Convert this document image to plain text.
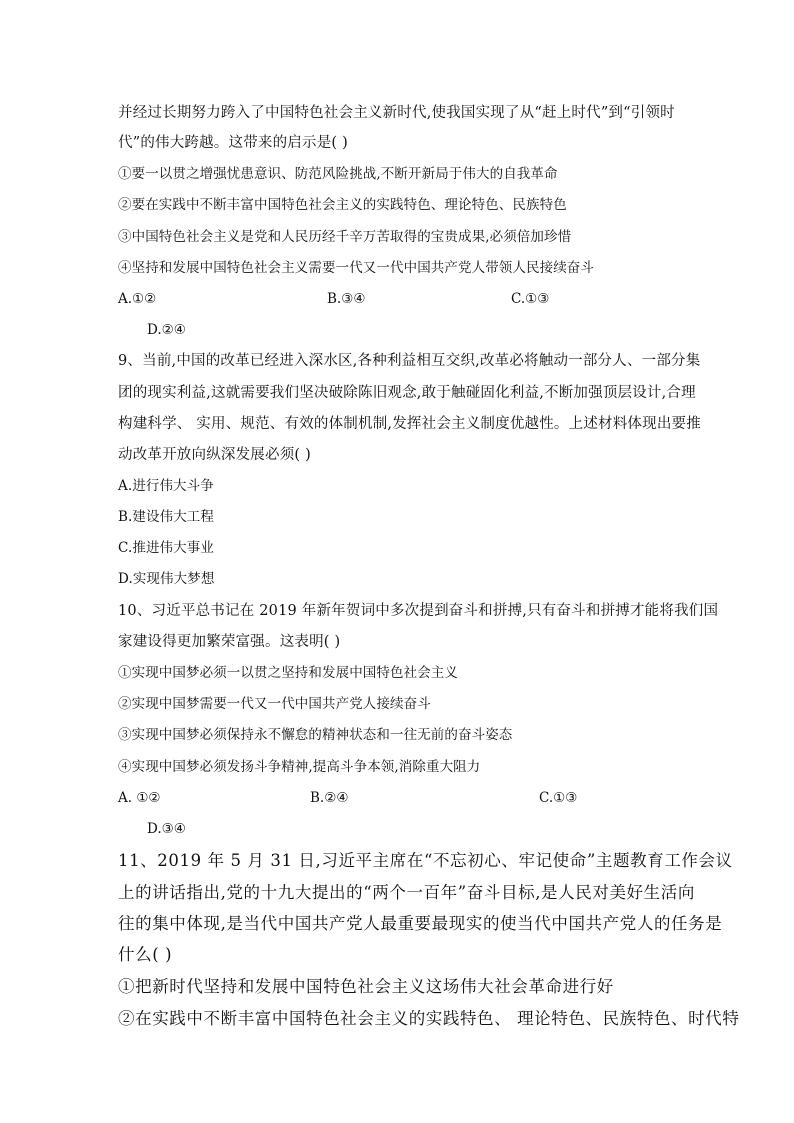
并经过长期努力跨入了中国特色社会主义新时代,使我国实现了从“赶上时代”到“引领时
代”的伟大跨越。这带来的启示是( )
①要一以贯之增强忧患意识、防范风险挑战,不断开新局于伟大的自我革命
②要在实践中不断丰富中国特色社会主义的实践特色、理论特色、民族特色
③中国特色社会主义是党和人民历经千辛万苦取得的宝贵成果,必须倍加珍惜
④坚持和发展中国特色社会主义需要一代又一代中国共产党人带领人民接续奋斗
A.①②	B.③④	C.①③
D.②④
9、当前,中国的改革已经进入深水区,各种利益相互交织,改革必将触动一部分人、一部分集
团的现实利益,这就需要我们坚决破除陈旧观念,敢于触碰固化利益,不断加强顶层设计,合理
构建科学、 实用、规范、有效的体制机制,发挥社会主义制度优越性。上述材料体现出要推
动改革开放向纵深发展必须( )
A.进行伟大斗争
B.建设伟大工程
C.推进伟大事业
D.实现伟大梦想
10、习近平总书记在 2019 年新年贺词中多次提到奋斗和拼搏,只有奋斗和拼搏才能将我们国
家建设得更加繁荣富强。这表明( )
①实现中国梦必须一以贯之坚持和发展中国特色社会主义
②实现中国梦需要一代又一代中国共产党人接续奋斗
③实现中国梦必须保持永不懈怠的精神状态和一往无前的奋斗姿态
④实现中国梦必须发扬斗争精神,提高斗争本领,消除重大阻力
A. ①②	B.②④	C.①③
D.③④
11、2019 年 5 月 31 日,习近平主席在“不忘初心、牢记使命”主题教育工作会议
上的讲话指出,党的十九大提出的“两个一百年”奋斗目标,是人民对美好生活向
往的集中体现,是当代中国共产党人最重要最现实的使当代中国共产党人的任务是
什么( )
①把新时代坚持和发展中国特色社会主义这场伟大社会革命进行好
②在实践中不断丰富中国特色社会主义的实践特色、 理论特色、民族特色、时代特
